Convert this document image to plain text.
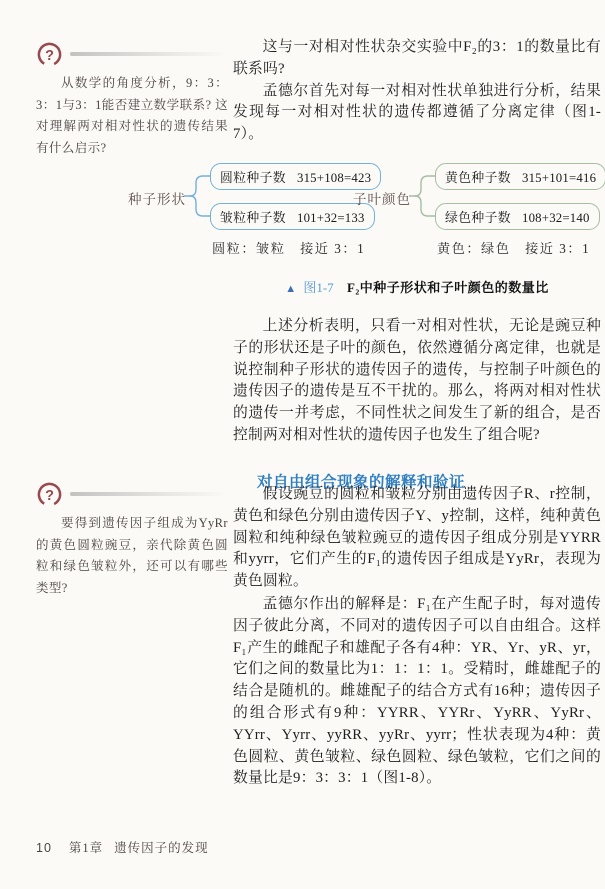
?

从数学的角度分析，9：3：3：1与3：1能否建立数学联系? 这对理解两对相对性状的遗传结果有什么启示?

这与一对相对性状杂交实验中F₂的3：1的数量比有联系吗?

孟德尔首先对每一对相对性状单独进行分析，结果发现每一对相对性状的遗传都遵循了分离定律（图1-7）。

种子形状
圆粒种子数 315+108=423
皱粒种子数 101+32=133
圆粒：皱粒　接近 3：1
子叶颜色
黄色种子数 315+101=416
绿色种子数 108+32=140
黄色：绿色　接近 3：1
▲ 图1-7 F₂中种子形状和子叶颜色的数量比

上述分析表明，只看一对相对性状，无论是豌豆种子的形状还是子叶的颜色，依然遵循分离定律，也就是说控制种子形状的遗传因子的遗传，与控制子叶颜色的遗传因子的遗传是互不干扰的。那么，将两对相对性状的遗传一并考虑，不同性状之间发生了新的组合，是否控制两对相对性状的遗传因子也发生了组合呢?

对自由组合现象的解释和验证
?

要得到遗传因子组成为YyRr的黄色圆粒豌豆，亲代除黄色圆粒和绿色皱粒外，还可以有哪些类型?

假设豌豆的圆粒和皱粒分别由遗传因子R、r控制，黄色和绿色分别由遗传因子Y、y控制，这样，纯种黄色圆粒和纯种绿色皱粒豌豆的遗传因子组成分别是YYRR和yyrr，它们产生的F₁的遗传因子组成是YyRr，表现为黄色圆粒。

孟德尔作出的解释是：F₁在产生配子时，每对遗传因子彼此分离，不同对的遗传因子可以自由组合。这样F₁产生的雌配子和雄配子各有4种：YR、Yr、yR、yr，它们之间的数量比为1：1：1：1。受精时，雌雄配子的结合是随机的。雌雄配子的结合方式有16种；遗传因子的组合形式有9种：YYRR、YYRr、YyRR、YyRr、YYrr、Yyrr、yyRR、yyRr、yyrr；性状表现为4种：黄色圆粒、黄色皱粒、绿色圆粒、绿色皱粒，它们之间的数量比是9：3：3：1（图1-8）。

10 第1章 遗传因子的发现
